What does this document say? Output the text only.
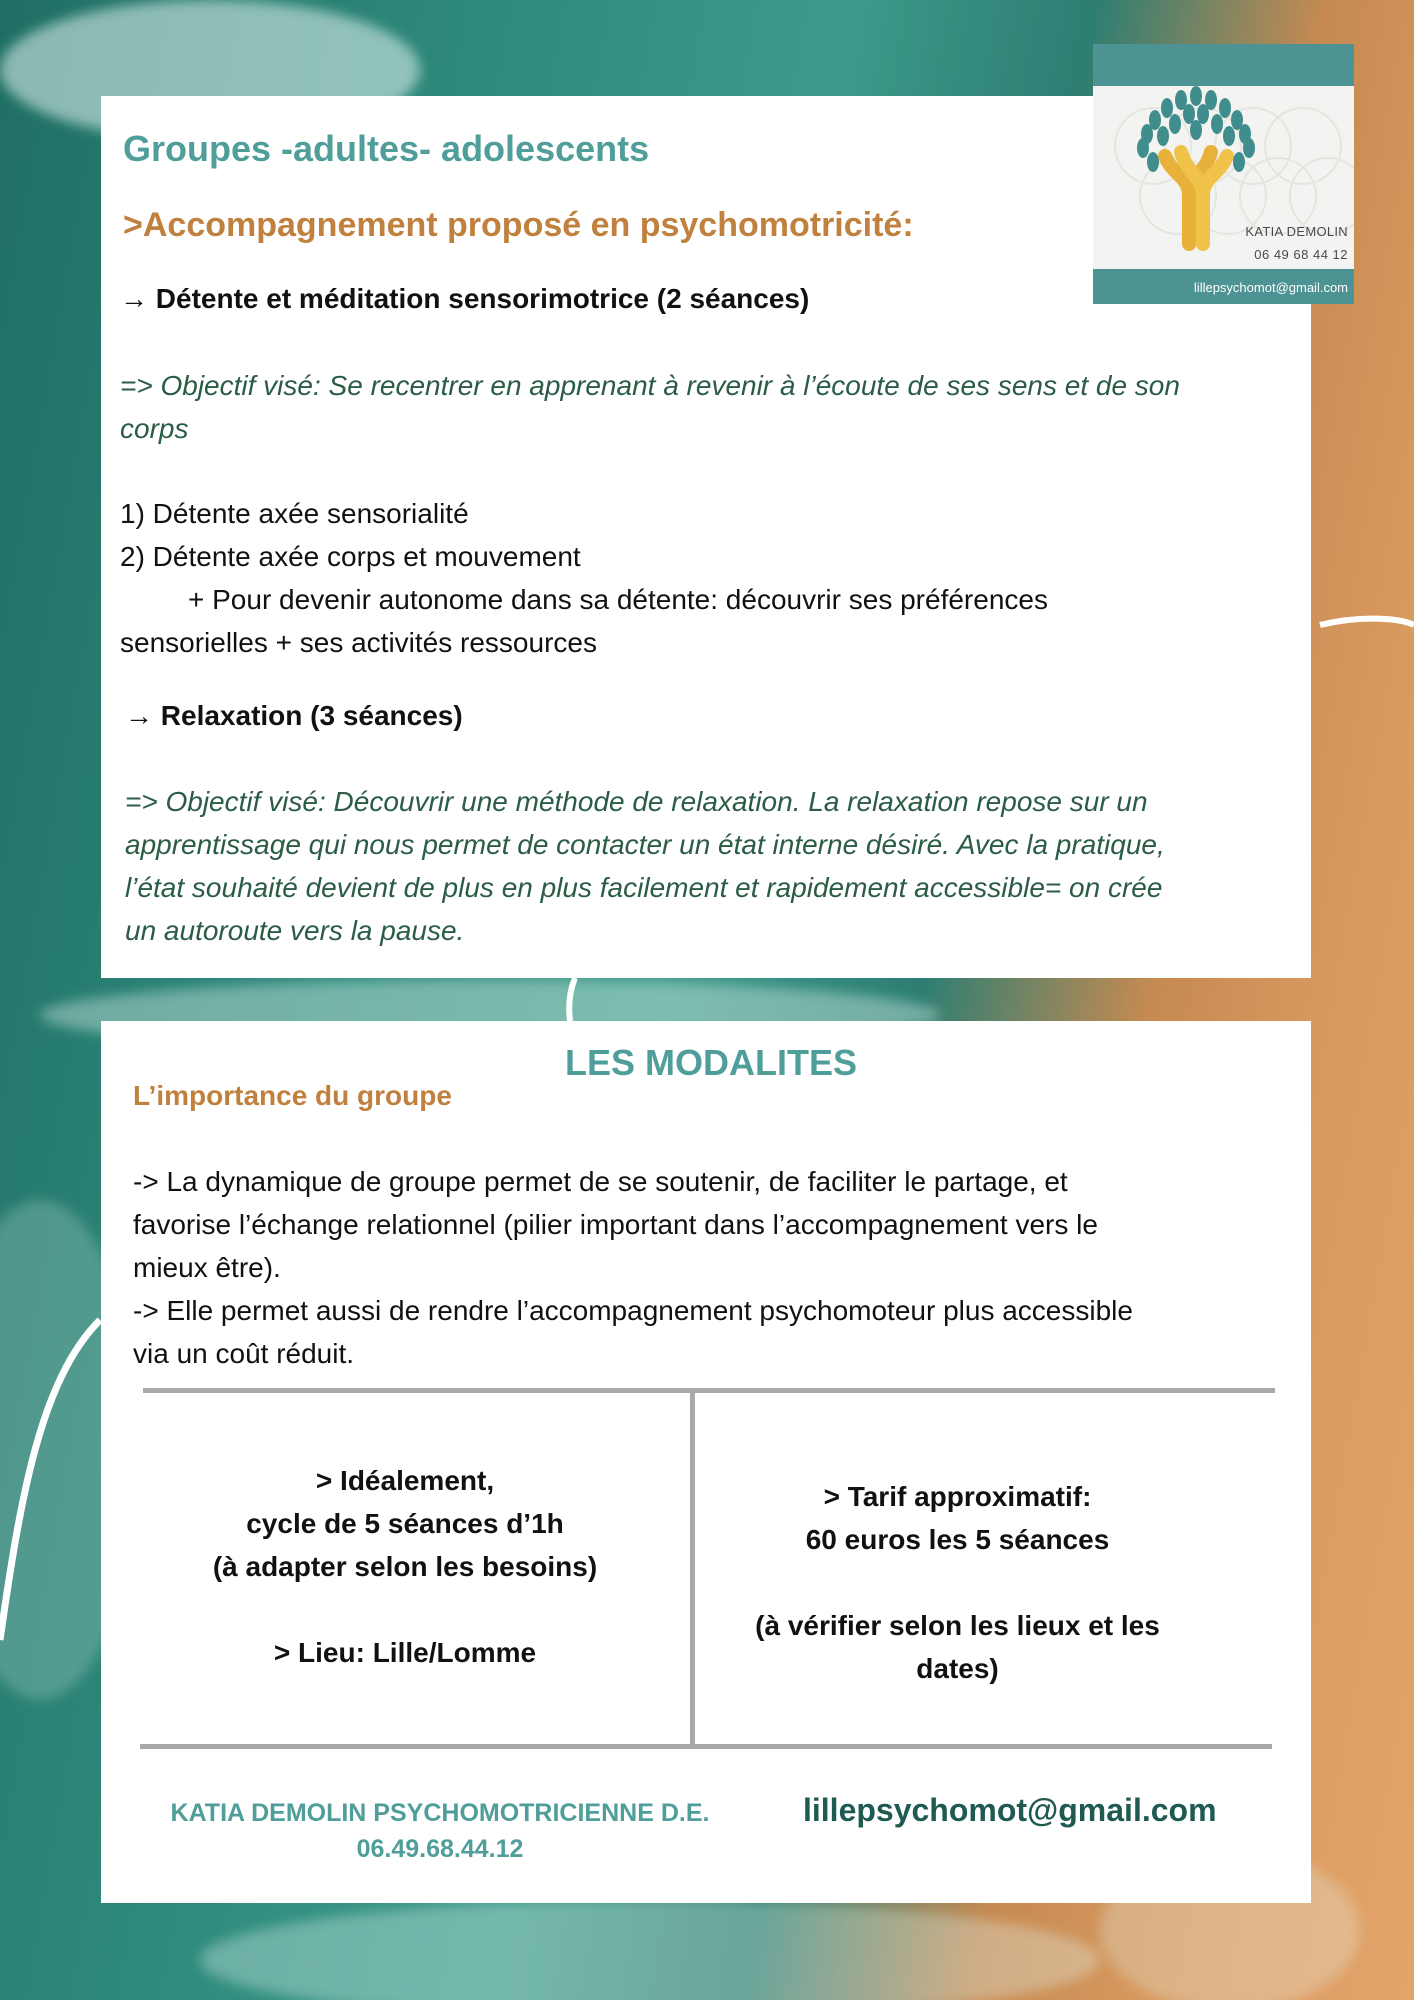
Groupes -adultes- adolescents
>Accompagnement proposé en psychomotricité:

→ Détente et méditation sensorimotrice (2 séances)

=> Objectif visé: Se recentrer en apprenant à revenir à l’écoute de ses sens et de son

corps

1) Détente axée sensorialité

2) Détente axée corps et mouvement

+ Pour devenir autonome dans sa détente: découvrir ses préférences

sensorielles + ses activités ressources

→ Relaxation (3 séances)

=> Objectif visé: Découvrir une méthode de relaxation. La relaxation repose sur un

apprentissage qui nous permet de contacter un état interne désiré. Avec la pratique,

l’état souhaité devient de plus en plus facilement et rapidement accessible= on crée

un autoroute vers la pause.

KATIA DEMOLIN
06 49 68 44 12
lillepsychomot@gmail.com
LES MODALITES
L’importance du groupe
-> La dynamique de groupe permet de se soutenir, de faciliter le partage, et
favorise l’échange relationnel (pilier important dans l’accompagnement vers le
mieux être).
-> Elle permet aussi de rendre l’accompagnement psychomoteur plus accessible
via un coût réduit.
> Idéalement,
cycle de 5 séances d’1h
(à adapter selon les besoins)
> Lieu: Lille/Lomme
> Tarif approximatif:
60 euros les 5 séances
(à vérifier selon les lieux et les
dates)
KATIA DEMOLIN PSYCHOMOTRICIENNE D.E.
06.49.68.44.12
lillepsychomot@gmail.com
